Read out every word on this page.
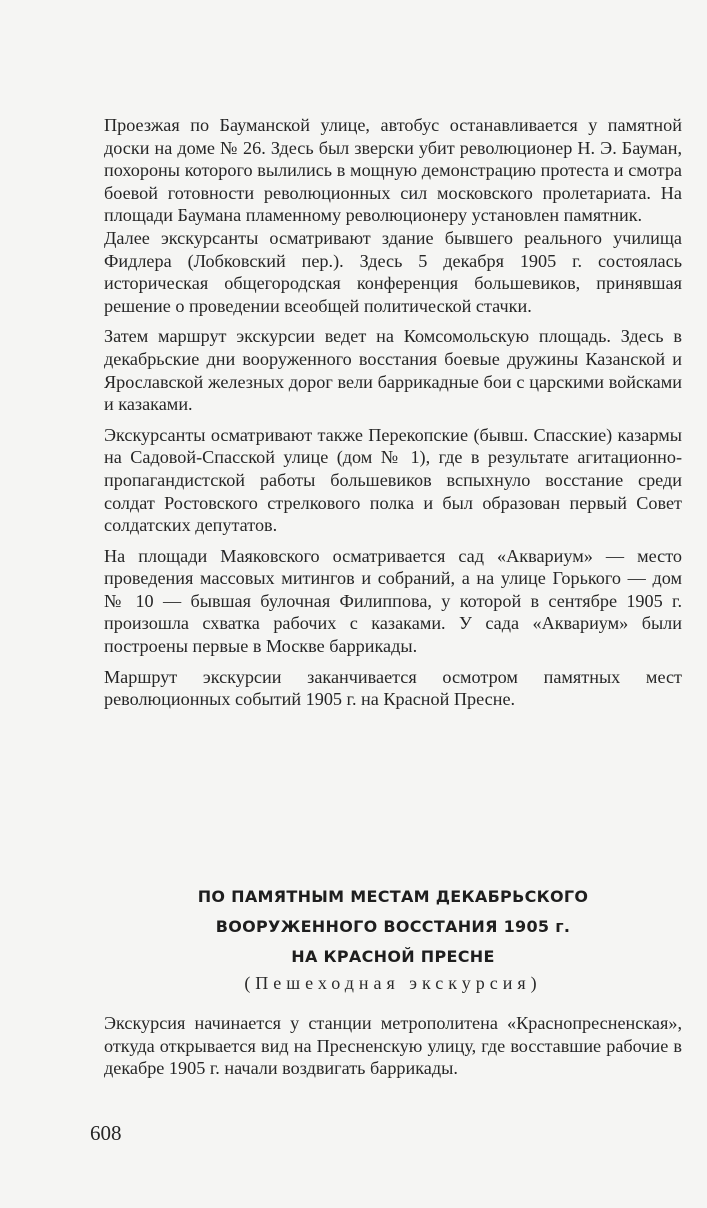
Проезжая по Бауманской улице, автобус останавливается у памятной доски на доме № 26. Здесь был зверски убит революционер Н. Э. Бауман, похороны которого вылились в мощную демонстрацию протеста и смотра боевой готовности революционных сил московского пролетариата. На площади Баумана пламенному революционеру установлен памятник.

Далее экскурсанты осматривают здание бывшего реального училища Фидлера (Лобковский пер.). Здесь 5 декабря 1905 г. состоялась историческая общегородская конференция большевиков, принявшая решение о проведении всеобщей политической стачки.

Затем маршрут экскурсии ведет на Комсомольскую площадь. Здесь в декабрьские дни вооруженного восстания боевые дружины Казанской и Ярославской железных дорог вели баррикадные бои с царскими войсками и казаками.

Экскурсанты осматривают также Перекопские (бывш. Спасские) казармы на Садовой-Спасской улице (дом № 1), где в результате агитационно-пропагандистской работы большевиков вспыхнуло восстание среди солдат Ростовского стрелкового полка и был образован первый Совет солдатских депутатов.

На площади Маяковского осматривается сад «Аквариум» — место проведения массовых митингов и собраний, а на улице Горького — дом № 10 — бывшая булочная Филиппова, у которой в сентябре 1905 г. произошла схватка рабочих с казаками. У сада «Аквариум» были построены первые в Москве баррикады.

Маршрут экскурсии заканчивается осмотром памятных мест революционных событий 1905 г. на Красной Пресне.

ПО ПАМЯТНЫМ МЕСТАМ ДЕКАБРЬСКОГО
ВООРУЖЕННОГО ВОССТАНИЯ 1905 г.
НА КРАСНОЙ ПРЕСНЕ
(Пешеходная экскурсия)

Экскурсия начинается у станции метрополитена «Краснопресненская», откуда открывается вид на Пресненскую улицу, где восставшие рабочие в декабре 1905 г. начали воздвигать баррикады.

608
